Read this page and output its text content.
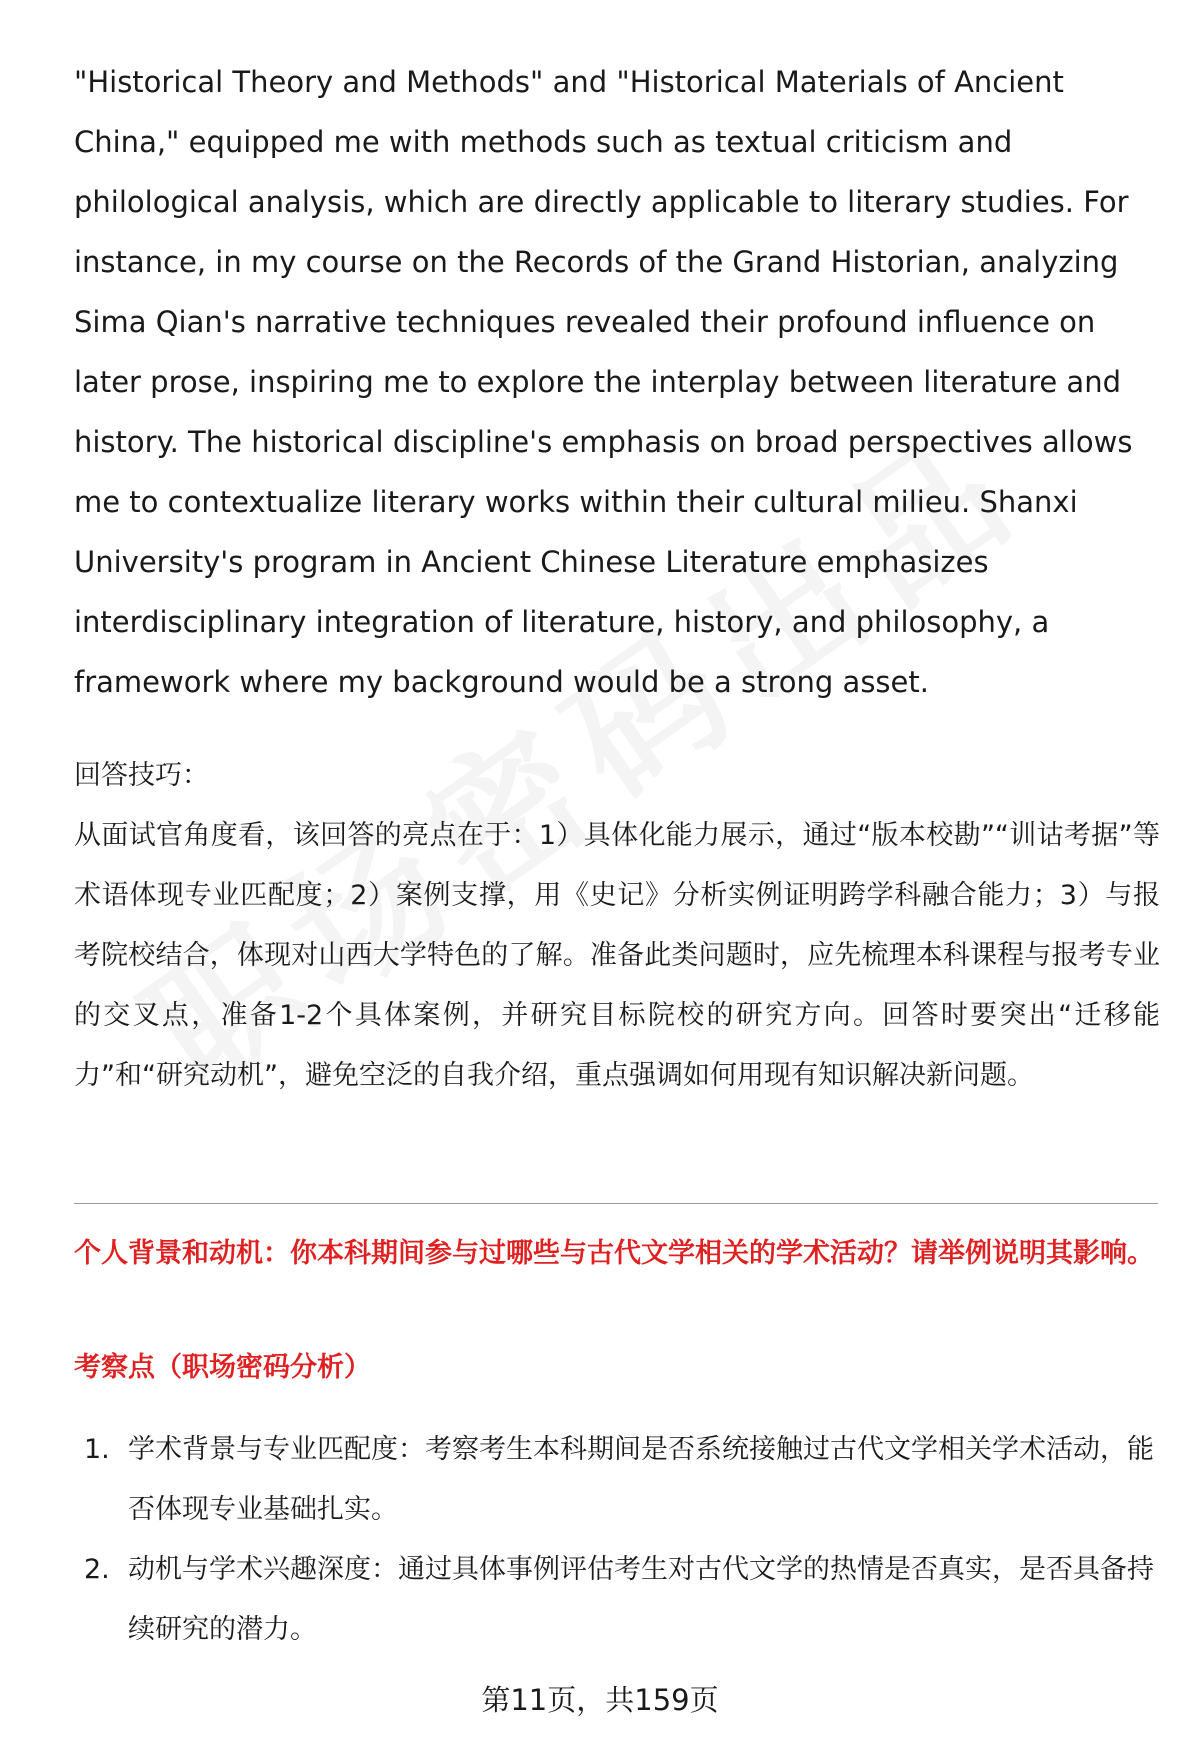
"Historical Theory and Methods" and "Historical Materials of Ancient China," equipped me with methods such as textual criticism and philological analysis, which are directly applicable to literary studies. For instance, in my course on the Records of the Grand Historian, analyzing Sima Qian's narrative techniques revealed their profound influence on later prose, inspiring me to explore the interplay between literature and history. The historical discipline's emphasis on broad perspectives allows me to contextualize literary works within their cultural milieu. Shanxi University's program in Ancient Chinese Literature emphasizes interdisciplinary integration of literature, history, and philosophy, a framework where my background would be a strong asset.

回答技巧：

从面试官角度看，该回答的亮点在于：1）具体化能力展示，通过“版本校勘”“训诂考据”等术语体现专业匹配度；2）案例支撑，用《史记》分析实例证明跨学科融合能力；3）与报考院校结合，体现对山西大学特色的了解。准备此类问题时，应先梳理本科课程与报考专业的交叉点，准备1-2个具体案例，并研究目标院校的研究方向。回答时要突出“迁移能力”和“研究动机”，避免空泛的自我介绍，重点强调如何用现有知识解决新问题。

个人背景和动机：你本科期间参与过哪些与古代文学相关的学术活动？请举例说明其影响。

考察点（职场密码分析）

1. 学术背景与专业匹配度：考察考生本科期间是否系统接触过古代文学相关学术活动，能否体现专业基础扎实。
2. 动机与学术兴趣深度：通过具体事例评估考生对古代文学的热情是否真实，是否具备持续研究的潜力。
第11页，共159页
